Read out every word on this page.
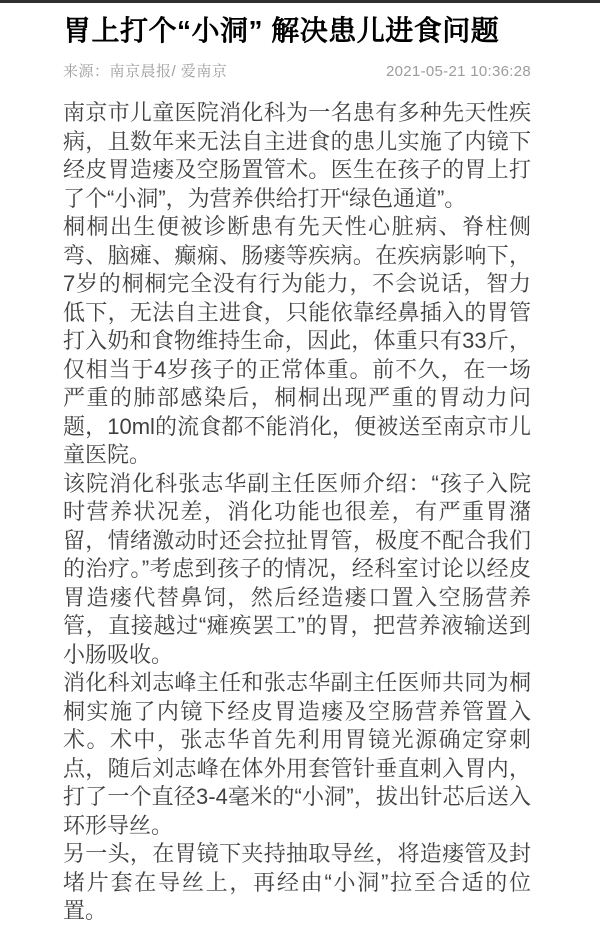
胃上打个“小洞” 解决患儿进食问题
来源：南京晨报/ 爱南京	2021-05-21 10:36:28

南京市儿童医院消化科为一名患有多种先天性疾病，且数年来无法自主进食的患儿实施了内镜下经皮胃造瘘及空肠置管术。医生在孩子的胃上打了个“小洞”，为营养供给打开“绿色通道”。

桐桐出生便被诊断患有先天性心脏病、脊柱侧弯、脑瘫、癫痫、肠瘘等疾病。在疾病影响下，7岁的桐桐完全没有行为能力，不会说话，智力低下，无法自主进食，只能依靠经鼻插入的胃管打入奶和食物维持生命，因此，体重只有33斤，仅相当于4岁孩子的正常体重。前不久，在一场严重的肺部感染后，桐桐出现严重的胃动力问题，10ml的流食都不能消化，便被送至南京市儿童医院。

该院消化科张志华副主任医师介绍：“孩子入院时营养状况差，消化功能也很差，有严重胃潴留，情绪激动时还会拉扯胃管，极度不配合我们的治疗。”考虑到孩子的情况，经科室讨论以经皮胃造瘘代替鼻饲，然后经造瘘口置入空肠营养管，直接越过“瘫痪罢工”的胃，把营养液输送到小肠吸收。

消化科刘志峰主任和张志华副主任医师共同为桐桐实施了内镜下经皮胃造瘘及空肠营养管置入术。术中，张志华首先利用胃镜光源确定穿刺点，随后刘志峰在体外用套管针垂直刺入胃内，打了一个直径3-4毫米的“小洞”，拔出针芯后送入环形导丝。

另一头，在胃镜下夹持抽取导丝，将造瘘管及封堵片套在导丝上，再经由“小洞”拉至合适的位置。
